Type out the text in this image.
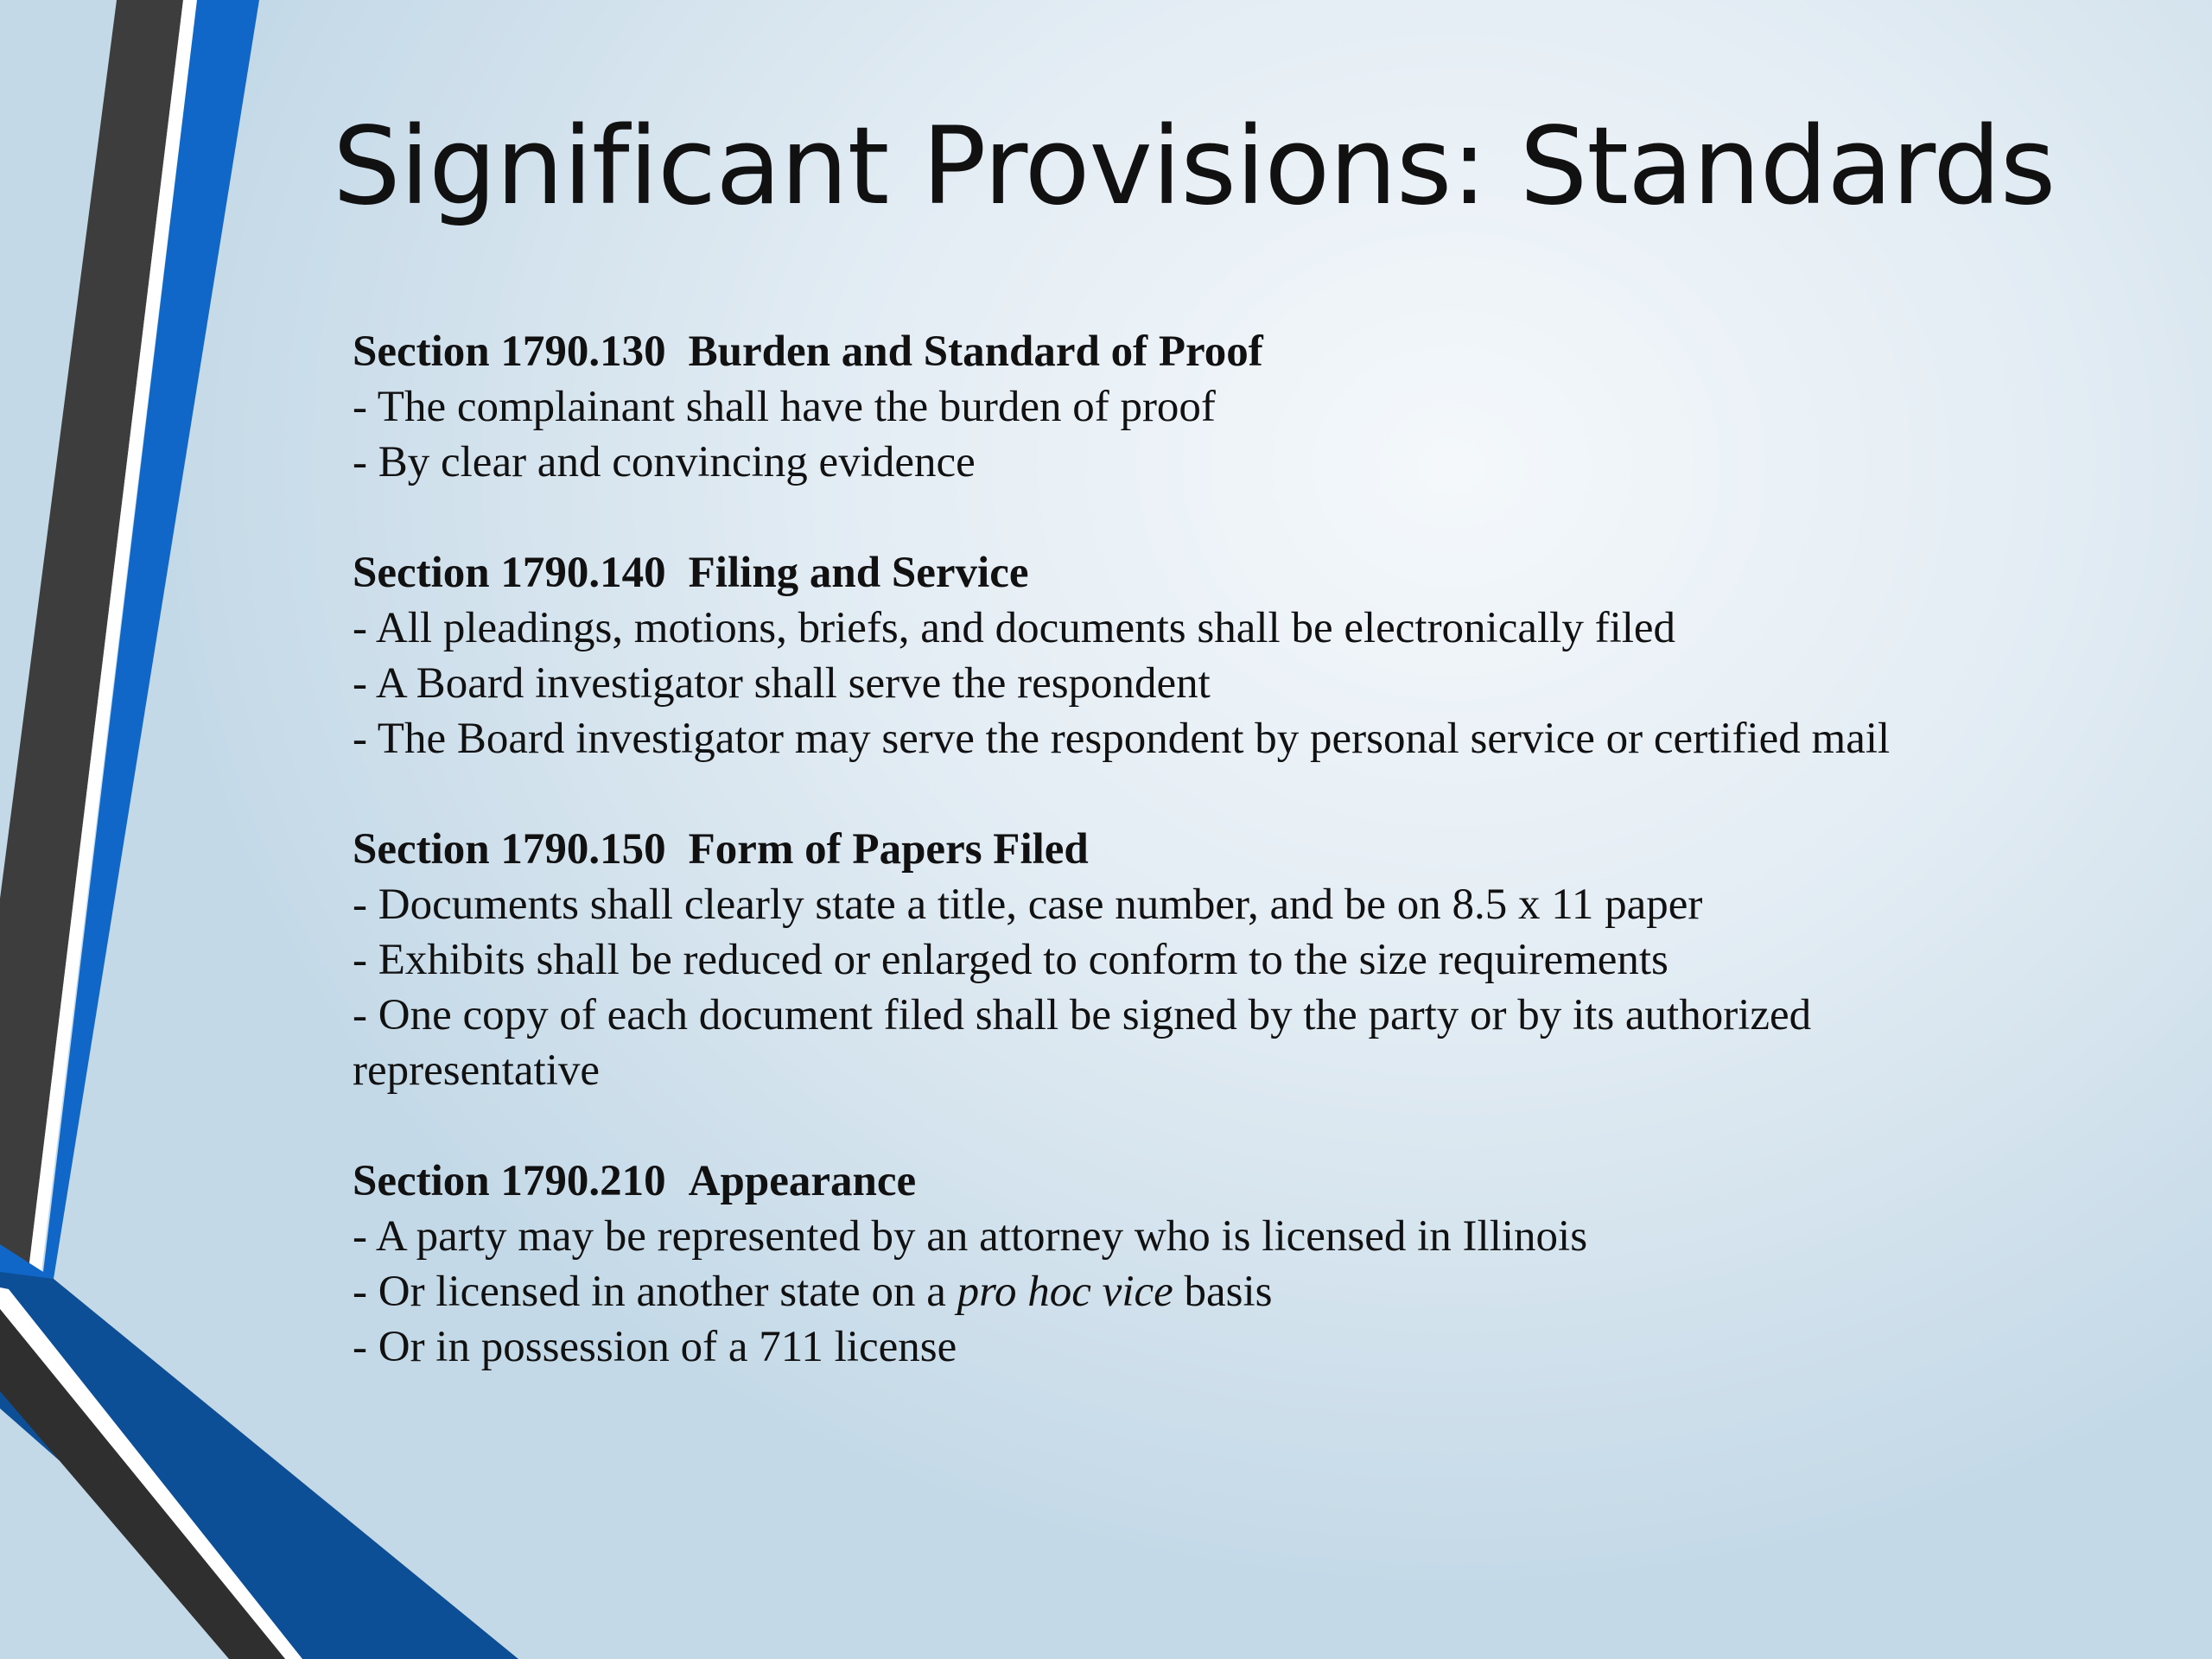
Significant Provisions: Standards

Section 1790.130 Burden and Standard of Proof

- The complainant shall have the burden of proof

- By clear and convincing evidence

Section 1790.140 Filing and Service

- All pleadings, motions, briefs, and documents shall be electronically filed

- A Board investigator shall serve the respondent

- The Board investigator may serve the respondent by personal service or certified mail

Section 1790.150 Form of Papers Filed

- Documents shall clearly state a title, case number, and be on 8.5 x 11 paper

- Exhibits shall be reduced or enlarged to conform to the size requirements

- One copy of each document filed shall be signed by the party or by its authorized representative

Section 1790.210 Appearance

- A party may be represented by an attorney who is licensed in Illinois

- Or licensed in another state on a pro hoc vice basis

- Or in possession of a 711 license
